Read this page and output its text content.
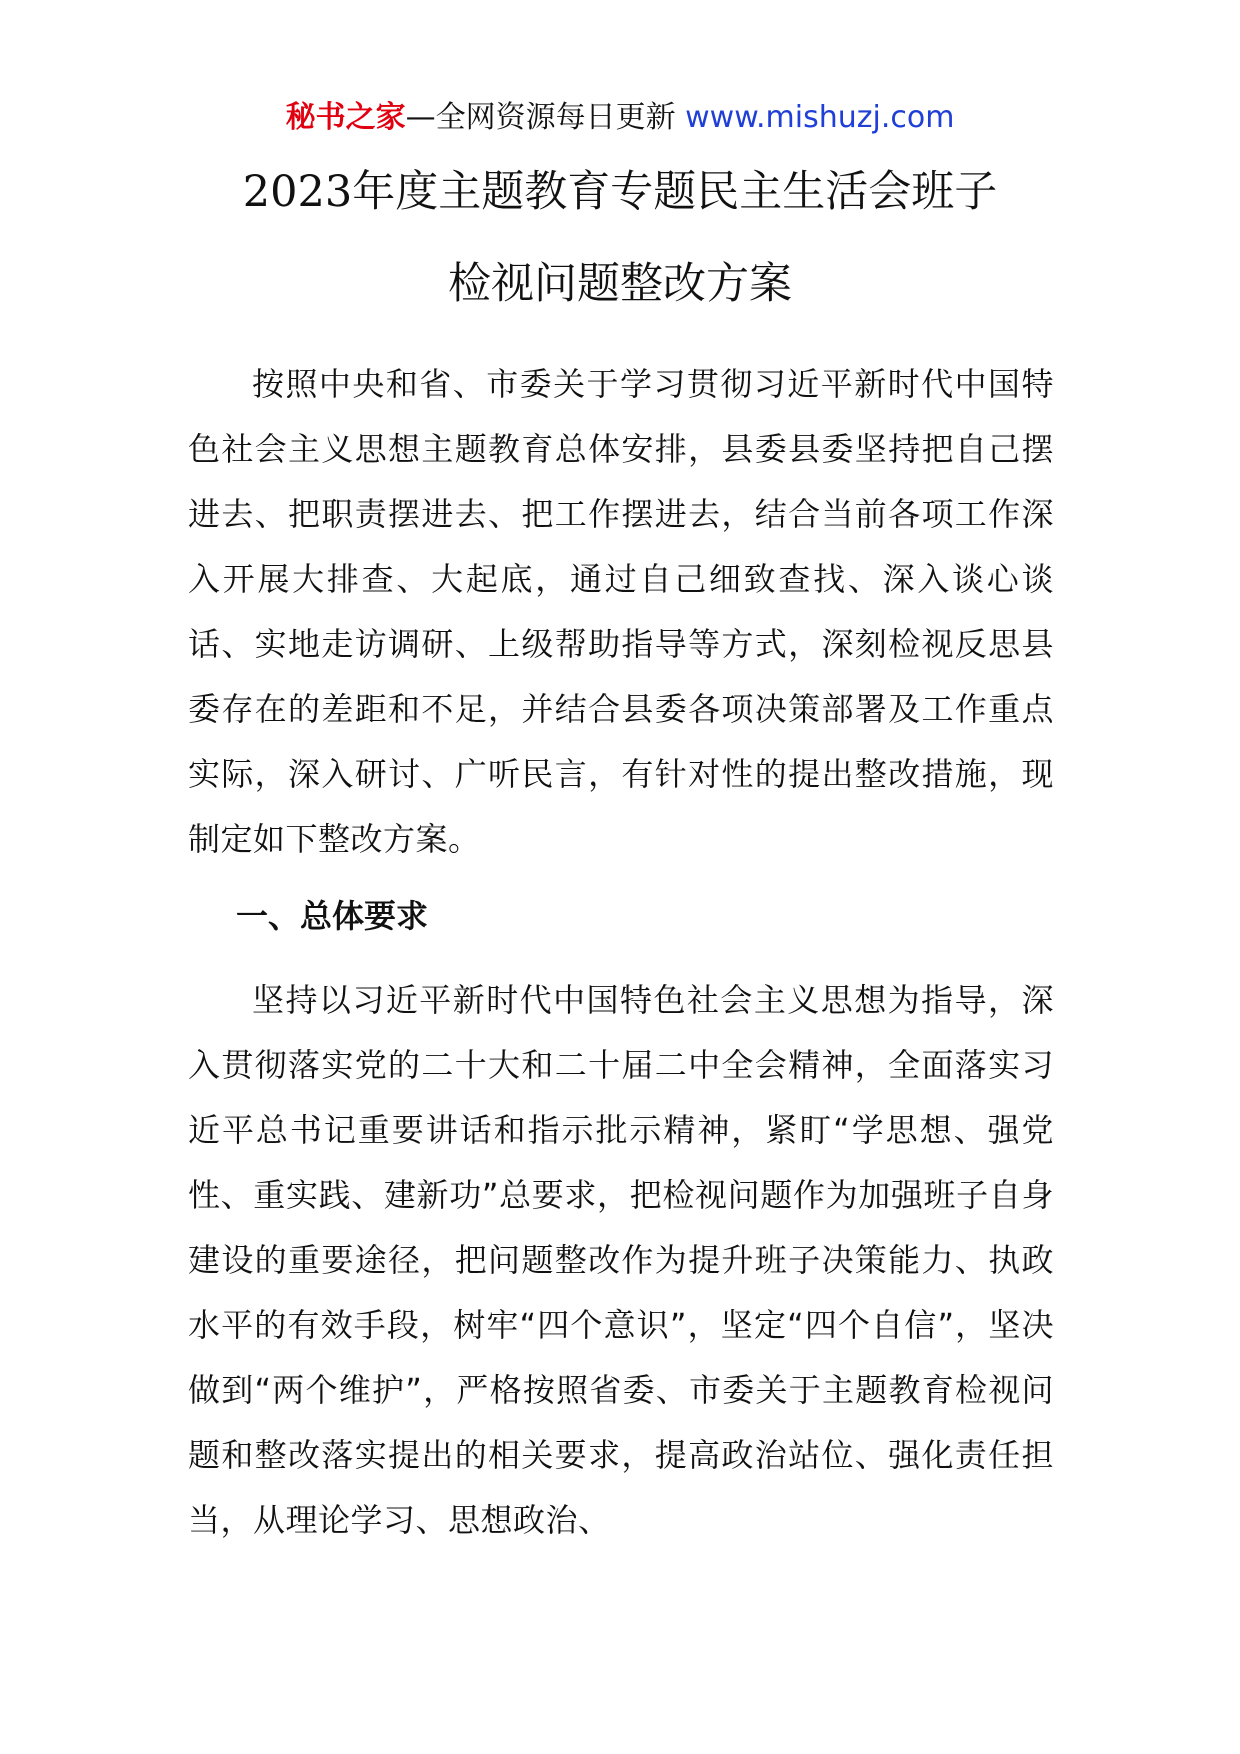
秘书之家—全网资源每日更新 www.mishuzj.com
2023年度主题教育专题民主生活会班子
检视问题整改方案

按照中央和省、市委关于学习贯彻习近平新时代中国特色社会主义思想主题教育总体安排，县委县委坚持把自己摆进去、把职责摆进去、把工作摆进去，结合当前各项工作深入开展大排查、大起底，通过自己细致查找、深入谈心谈话、实地走访调研、上级帮助指导等方式，深刻检视反思县委存在的差距和不足，并结合县委各项决策部署及工作重点实际，深入研讨、广听民言，有针对性的提出整改措施，现制定如下整改方案。

一、总体要求

坚持以习近平新时代中国特色社会主义思想为指导，深入贯彻落实党的二十大和二十届二中全会精神，全面落实习近平总书记重要讲话和指示批示精神，紧盯“学思想、强党性、重实践、建新功”总要求，把检视问题作为加强班子自身建设的重要途径，把问题整改作为提升班子决策能力、执政水平的有效手段，树牢“四个意识”，坚定“四个自信”，坚决做到“两个维护”，严格按照省委、市委关于主题教育检视问题和整改落实提出的相关要求，提高政治站位、强化责任担当，从理论学习、思想政治、
